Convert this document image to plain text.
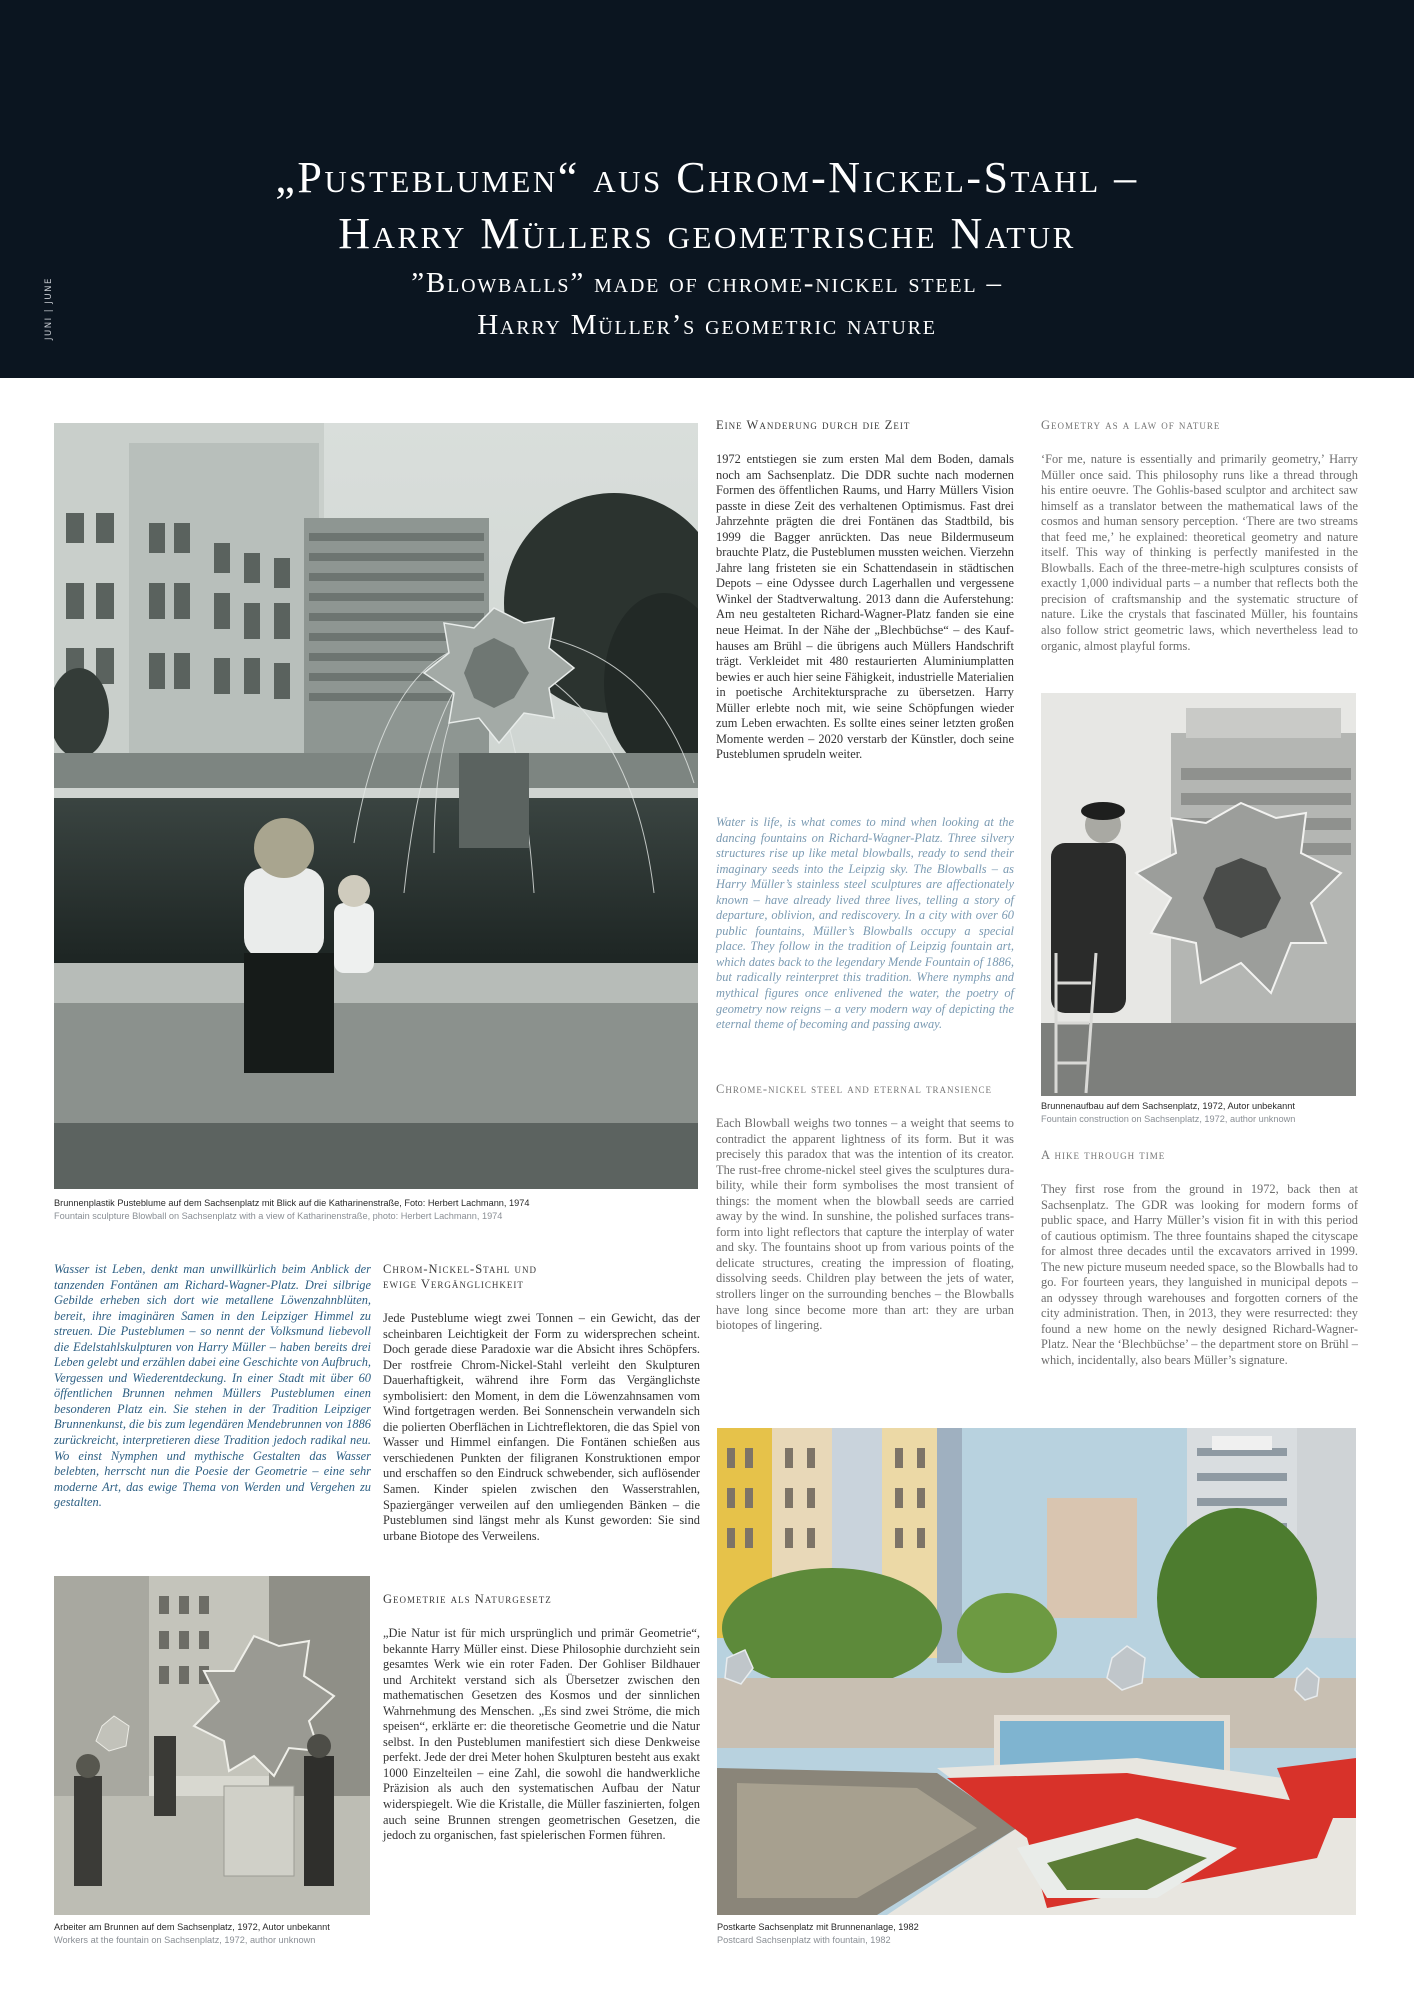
JUNI | JUNE
„Pusteblumen“ aus Chrom-Nickel-Stahl –
Harry Müllers geometrische Natur
”Blowballs” made of chrome-nickel steel –
Harry Müller’s geometric nature
Brunnenplastik Pusteblume auf dem Sachsenplatz mit Blick auf die Katharinenstraße, Foto: Herbert Lachmann, 1974
Fountain sculpture Blowball on Sachsenplatz with a view of Katharinenstraße, photo: Herbert Lachmann, 1974
Eine Wanderung durch die Zeit

1972 entstiegen sie zum ersten Mal dem Boden, damals noch am Sachsenplatz. Die DDR suchte nach modernen Formen des öffentlichen Raums, und Harry Müllers Vision passte in diese Zeit des verhaltenen Optimismus. Fast drei Jahrzehnte prägten die drei Fontänen das Stadtbild, bis 1999 die Bagger anrückten. Das neue Bildermuseum brauchte Platz, die Pusteblumen mussten weichen. Vierzehn Jahre lang fristeten sie ein Schattendasein in städtischen Depots – eine Odyssee durch Lagerhallen und vergessene Winkel der Stadtverwaltung. 2013 dann die Auferstehung: Am neu gestalteten Richard-Wagner-Platz fanden sie eine neue Heimat. In der Nähe der „Blechbüchse“ – des Kaufhauses am Brühl – die übrigens auch Müllers Handschrift trägt. Verkleidet mit 480 restaurierten Aluminiumplatten bewies er auch hier seine Fähigkeit, industrielle Materialien in poetische Architektursprache zu übersetzen. Harry Müller erlebte noch mit, wie seine Schöpfungen wieder zum Leben erwachten. Es sollte eines seiner letzten großen Momente werden – 2020 verstarb der Künstler, doch seine Pusteblumen sprudeln weiter.

Water is life, is what comes to mind when looking at the dancing fountains on Richard-Wagner-Platz. Three silvery structures rise up like metal blowballs, ready to send their imaginary seeds into the Leipzig sky. The Blowballs – as Harry Müller’s stainless steel sculptures are affectionately known – have already lived three lives, telling a story of departure, oblivion, and rediscovery. In a city with over 60 public fountains, Müller’s Blowballs occupy a special place. They follow in the tradition of Leipzig fountain art, which dates back to the legendary Mende Fountain of 1886, but radically reinterpret this tradition. Where nymphs and mythical figures once enlivened the water, the poetry of geometry now reigns – a very modern way of depicting the eternal theme of becoming and passing away.

Chrome-nickel steel and eternal transience

Each Blowball weighs two tonnes – a weight that seems to contradict the apparent lightness of its form. But it was precisely this paradox that was the intention of its creator. The rust-free chrome-nickel steel gives the sculptures durability, while their form symbolises the most transient of things: the moment when the blowball seeds are carried away by the wind. In sunshine, the polished surfaces transform into light reflectors that capture the interplay of water and sky. The fountains shoot up from various points of the delicate structures, creating the impression of floating, dissolving seeds. Children play between the jets of water, strollers linger on the surrounding benches – the Blowballs have long since become more than art: they are urban biotopes of lingering.

Geometry as a law of nature

‘For me, nature is essentially and primarily geometry,’ Harry Müller once said. This philosophy runs like a thread through his entire oeuvre. The Gohlis-based sculptor and architect saw himself as a translator between the mathematical laws of the cosmos and human sensory perception. ‘There are two streams that feed me,’ he explained: theoretical geometry and nature itself. This way of thinking is perfectly manifested in the Blowballs. Each of the three-metre-high sculptures consists of exactly 1,000 individual parts – a number that reflects both the precision of craftsmanship and the systematic structure of nature. Like the crystals that fascinated Müller, his fountains also follow strict geometric laws, which nevertheless lead to organic, almost playful forms.

Brunnenaufbau auf dem Sachsenplatz, 1972, Autor unbekannt
Fountain construction on Sachsenplatz, 1972, author unknown
A hike through time

They first rose from the ground in 1972, back then at Sachsenplatz. The GDR was looking for modern forms of public space, and Harry Müller’s vision fit in with this period of cautious optimism. The three fountains shaped the cityscape for almost three decades until the excavators arrived in 1999. The new picture museum needed space, so the Blowballs had to go. For fourteen years, they languished in municipal depots – an odyssey through warehouses and forgotten corners of the city administration. Then, in 2013, they were resurrected: they found a new home on the newly designed Richard-Wagner-Platz. Near the ‘Blechbüchse’ – the department store on Brühl – which, incidentally, also bears Müller’s signature.

Wasser ist Leben, denkt man unwillkürlich beim Anblick der tanzenden Fontänen am Richard-Wagner-Platz. Drei silbrige Gebilde erheben sich dort wie metallene Löwenzahnblüten, bereit, ihre imaginären Samen in den Leipziger Himmel zu streuen. Die Pusteblumen – so nennt der Volksmund liebevoll die Edelstahlskulpturen von Harry Müller – haben bereits drei Leben gelebt und erzählen dabei eine Geschichte von Aufbruch, Vergessen und Wiederentdeckung. In einer Stadt mit über 60 öffentlichen Brunnen nehmen Müllers Pusteblumen einen besonderen Platz ein. Sie stehen in der Tradition Leipziger Brunnenkunst, die bis zum legendären Mendebrunnen von 1886 zurückreicht, interpretieren diese Tradition jedoch radikal neu. Wo einst Nymphen und mythische Gestalten das Wasser belebten, herrscht nun die Poesie der Geometrie – eine sehr moderne Art, das ewige Thema von Werden und Vergehen zu gestalten.

Chrom-Nickel-Stahl und
ewige Vergänglichkeit

Jede Pusteblume wiegt zwei Tonnen – ein Gewicht, das der scheinbaren Leichtigkeit der Form zu widersprechen scheint. Doch gerade diese Paradoxie war die Absicht ihres Schöpfers. Der rostfreie Chrom-Nickel-Stahl verleiht den Skulpturen Dauerhaftigkeit, während ihre Form das Vergänglichste symbolisiert: den Moment, in dem die Löwenzahnsamen vom Wind fortgetragen werden. Bei Sonnenschein verwandeln sich die polierten Oberflächen in Lichtreflektoren, die das Spiel von Wasser und Himmel einfangen. Die Fontänen schießen aus verschiedenen Punkten der filigranen Konstruktionen empor und erschaffen so den Eindruck schwebender, sich auflösender Samen. Kinder spielen zwischen den Wasserstrahlen, Spaziergänger verweilen auf den umliegenden Bänken – die Pusteblumen sind längst mehr als Kunst geworden: Sie sind urbane Biotope des Verweilens.

Arbeiter am Brunnen auf dem Sachsenplatz, 1972, Autor unbekannt
Workers at the fountain on Sachsenplatz, 1972, author unknown
Geometrie als Naturgesetz

„Die Natur ist für mich ursprünglich und primär Geometrie“, bekannte Harry Müller einst. Diese Philosophie durchzieht sein gesamtes Werk wie ein roter Faden. Der Gohliser Bildhauer und Architekt verstand sich als Übersetzer zwischen den mathematischen Gesetzen des Kosmos und der sinnlichen Wahrnehmung des Menschen. „Es sind zwei Ströme, die mich speisen“, erklärte er: die theoretische Geometrie und die Natur selbst. In den Pusteblumen manifestiert sich diese Denkweise perfekt. Jede der drei Meter hohen Skulpturen besteht aus exakt 1000 Einzelteilen – eine Zahl, die sowohl die handwerkliche Präzision als auch den systematischen Aufbau der Natur widerspiegelt. Wie die Kristalle, die Müller faszinierten, folgen auch seine Brunnen strengen geometrischen Gesetzen, die jedoch zu organischen, fast spielerischen Formen führen.

Postkarte Sachsenplatz mit Brunnenanlage, 1982
Postcard Sachsenplatz with fountain, 1982
